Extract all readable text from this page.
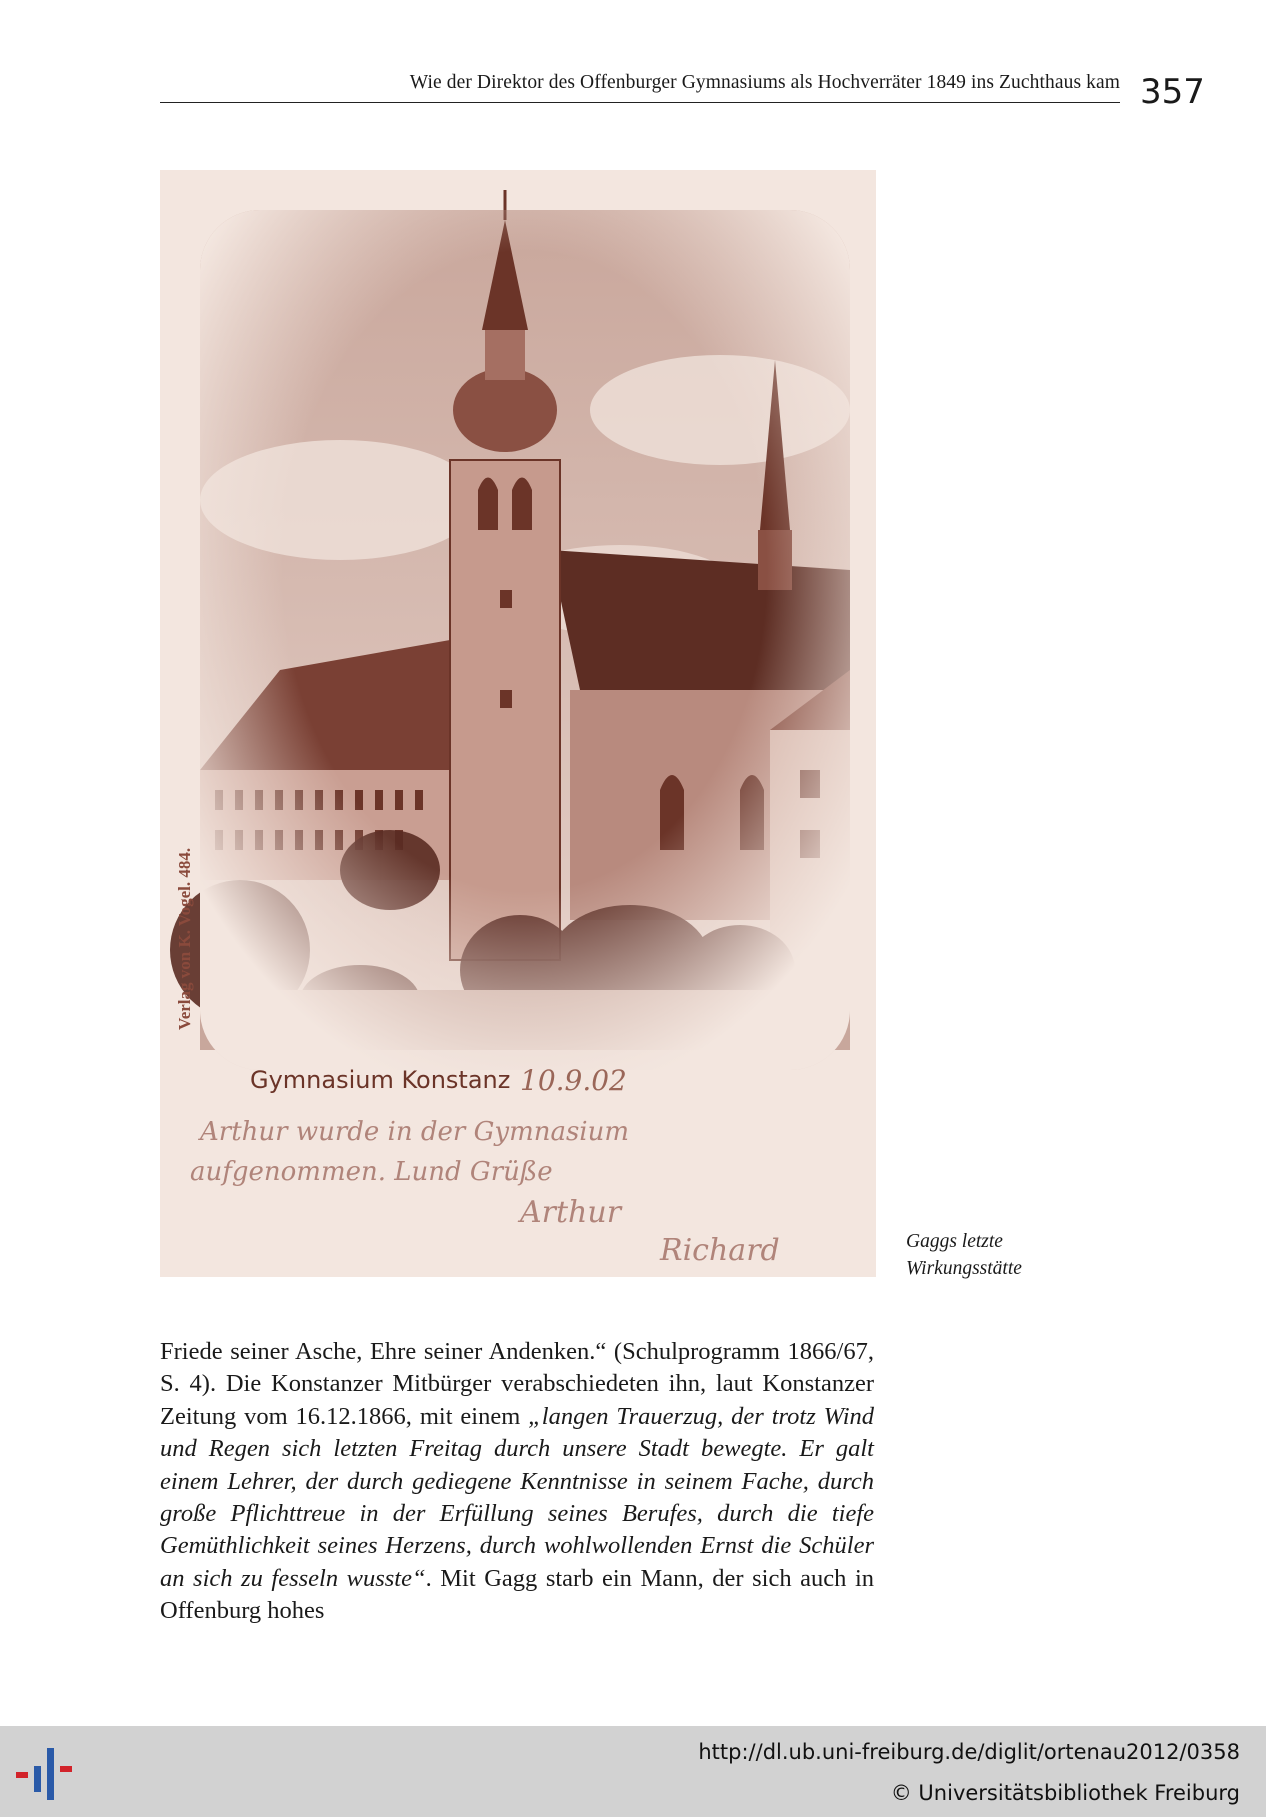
Wie der Direktor des Offenburger Gymnasiums als Hochverräter 1849 ins Zuchthaus kam 357
Verlag von K. Vogel. 484.
Gymnasium Konstanz 10.9.02
Arthur wurde in der Gymnasium
aufgenommen. Lund Grüße
Arthur
Richard	Gaggs letzte
Wirkungsstätte

Friede seiner Asche, Ehre seiner Andenken.“ (Schulprogramm 1866/67, S. 4). Die Konstanzer Mitbürger verabschiedeten ihn, laut Konstanzer Zeitung vom 16.12.1866, mit einem „langen Trauerzug, der trotz Wind und Regen sich letzten Freitag durch unsere Stadt bewegte. Er galt einem Lehrer, der durch gediegene Kenntnisse in seinem Fache, durch große Pflichttreue in der Erfüllung seines Berufes, durch die tiefe Gemüthlichkeit seines Herzens, durch wohlwollenden Ernst die Schüler an sich zu fesseln wusste“. Mit Gagg starb ein Mann, der sich auch in Offenburg hohes

http://dl.ub.uni-freiburg.de/diglit/ortenau2012/0358
© Universitätsbibliothek Freiburg
